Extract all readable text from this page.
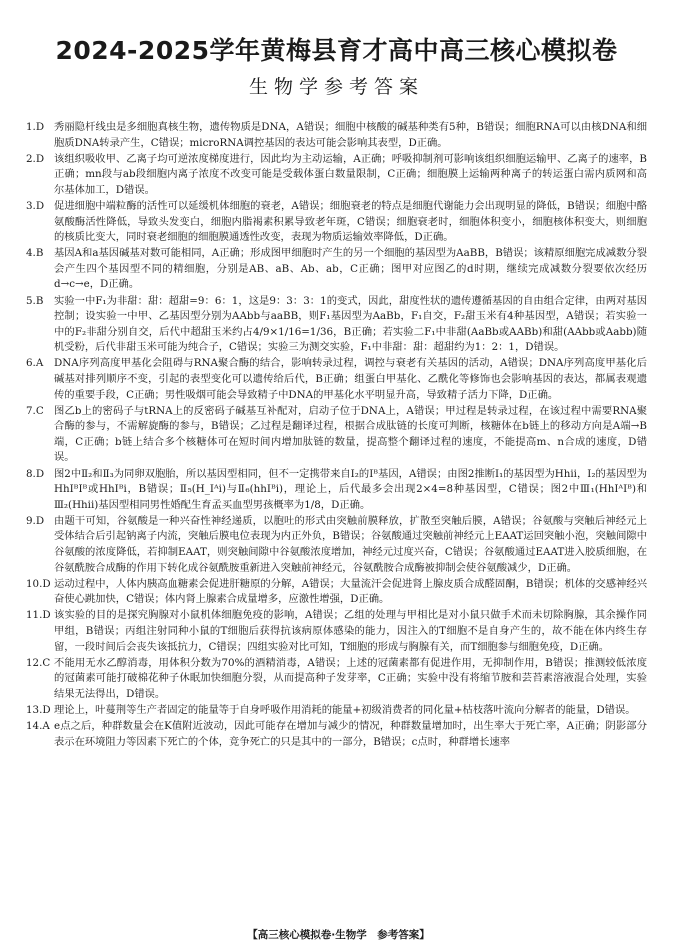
2024-2025学年黄梅县育才高中高三核心模拟卷
生物学参考答案
1.D 秀丽隐杆线虫是多细胞真核生物，遗传物质是DNA，A错误；细胞中核酸的碱基种类有5种，B错误；细胞RNA可以由核DNA和细胞质DNA转录产生，C错误；microRNA调控基因的表达可能会影响其表型，D正确。
2.D 该组织吸收甲、乙离子均可逆浓度梯度进行，因此均为主动运输，A正确；呼吸抑制剂可影响该组织细胞运输甲、乙离子的速率，B正确；mn段与ab段细胞内离子浓度不改变可能是受载体蛋白数量限制，C正确；细胞膜上运输两种离子的转运蛋白需内质网和高尔基体加工，D错误。
3.D 促进细胞中端粒酶的活性可以延缓机体细胞的衰老，A错误；细胞衰老的特点是细胞代谢能力会出现明显的降低，B错误；细胞中酪氨酸酶活性降低，导致头发变白，细胞内脂褐素积累导致老年斑，C错误；细胞衰老时，细胞体积变小，细胞核体积变大，则细胞的核质比变大，同时衰老细胞的细胞膜通透性改变，表现为物质运输效率降低，D正确。
4.B 基因A和a基因碱基对数可能相同，A正确；形成图甲细胞时产生的另一个细胞的基因型为AaBB，B错误；该精原细胞完成减数分裂会产生四个基因型不同的精细胞，分别是AB、aB、Ab、ab，C正确；图甲对应图乙的d时期，继续完成减数分裂要依次经历d→c→e，D正确。
5.B 实验一中F₁为非甜：甜：超甜=9：6：1，这是9：3：3：1的变式，因此，甜度性状的遗传遵循基因的自由组合定律，由两对基因控制；设实验一中甲、乙基因型分别为AAbb与aaBB，则F₁基因型为AaBb，F₁自交，F₂甜玉米有4种基因型，A错误；若实验一中的F₂非甜分别自交，后代中超甜玉米约占4/9×1/16=1/36，B正确；若实验二F₁中非甜(AaBb或AABb)和甜(AAbb或Aabb)随机受粉，后代非甜玉米可能为纯合子，C错误；实验三为测交实验，F₁中非甜：甜：超甜约为1：2：1，D错误。
6.A DNA序列高度甲基化会阻碍与RNA聚合酶的结合，影响转录过程，调控与衰老有关基因的活动，A错误；DNA序列高度甲基化后碱基对排列顺序不变，引起的表型变化可以遗传给后代，B正确；组蛋白甲基化、乙酰化等修饰也会影响基因的表达，都属表观遗传的重要手段，C正确；男性吸烟可能会导致精子中DNA的甲基化水平明显升高，导致精子活力下降，D正确。
7.C 图乙b上的密码子与tRNA上的反密码子碱基互补配对，启动子位于DNA上，A错误；甲过程是转录过程，在该过程中需要RNA聚合酶的参与，不需解旋酶的参与，B错误；乙过程是翻译过程，根据合成肽链的长度可判断，核糖体在b链上的移动方向是A端→B端，C正确；b链上结合多个核糖体可在短时间内增加肽链的数量，提高整个翻译过程的速度，不能提高m、n合成的速度，D错误。
8.D 图2中Ⅱ₂和Ⅱ₃为同卵双胞胎，所以基因型相同，但不一定携带来自Ⅰ₂的Ⅰᴮ基因，A错误；由图2推断Ⅰ₁的基因型为Hhii，Ⅰ₂的基因型为HhIᴮIᴮ或HhIᴮi，B错误；Ⅱ₅(H_Iᴬi)与Ⅱ₆(hhIᴮi)，理论上，后代最多会出现2×4=8种基因型，C错误；图2中Ⅲ₁(HhIᴬIᴮ)和Ⅲ₂(Hhii)基因型相同男性婚配生育孟买血型男孩概率为1/8，D正确。
9.D 由题干可知，谷氨酸是一种兴奋性神经递质，以胞吐的形式由突触前膜释放，扩散至突触后膜，A错误；谷氨酸与突触后神经元上受体结合后引起钠离子内流，突触后膜电位表现为内正外负，B错误；谷氨酸通过突触前神经元上EAAT运回突触小泡，突触间隙中谷氨酸的浓度降低，若抑制EAAT，则突触间隙中谷氨酸浓度增加，神经元过度兴奋，C错误；谷氨酸通过EAAT进入胶质细胞，在谷氨酰胺合成酶的作用下转化成谷氨酰胺重新进入突触前神经元，谷氨酰胺合成酶被抑制会使谷氨酸减少，D正确。
10.D 运动过程中，人体内胰高血糖素会促进肝糖原的分解，A错误；大量流汗会促进肾上腺皮质合成醛固酮，B错误；机体的交感神经兴奋使心跳加快，C错误；体内肾上腺素合成量增多，应激性增强，D正确。
11.D 该实验的目的是探究胸腺对小鼠机体细胞免疫的影响，A错误；乙组的处理与甲相比是对小鼠只做手术而未切除胸腺，其余操作同甲组，B错误；丙组注射同种小鼠的T细胞后获得抗该病原体感染的能力，因注入的T细胞不是自身产生的，故不能在体内终生存留，一段时间后会丧失该抵抗力，C错误；四组实验对比可知，T细胞的形成与胸腺有关，而T细胞参与细胞免疫，D正确。
12.C 不能用无水乙醇消毒，用体积分数为70%的酒精消毒，A错误；上述的冠菌素都有促进作用，无抑制作用，B错误；推测较低浓度的冠菌素可能打破棉花种子休眠加快细胞分裂，从而提高种子发芽率，C正确；实验中没有将缩节胺和芸苔素溶液混合处理，实验结果无法得出，D错误。
13.D 理论上，叶蔓荆等生产者固定的能量等于自身呼吸作用消耗的能量+初级消费者的同化量+枯枝落叶流向分解者的能量，D错误。
14.A e点之后，种群数量会在K值附近波动，因此可能存在增加与减少的情况，种群数量增加时，出生率大于死亡率，A正确；阴影部分表示在环境阻力等因素下死亡的个体，竞争死亡的只是其中的一部分，B错误；c点时，种群增长速率
【高三核心模拟卷·生物学　参考答案】
